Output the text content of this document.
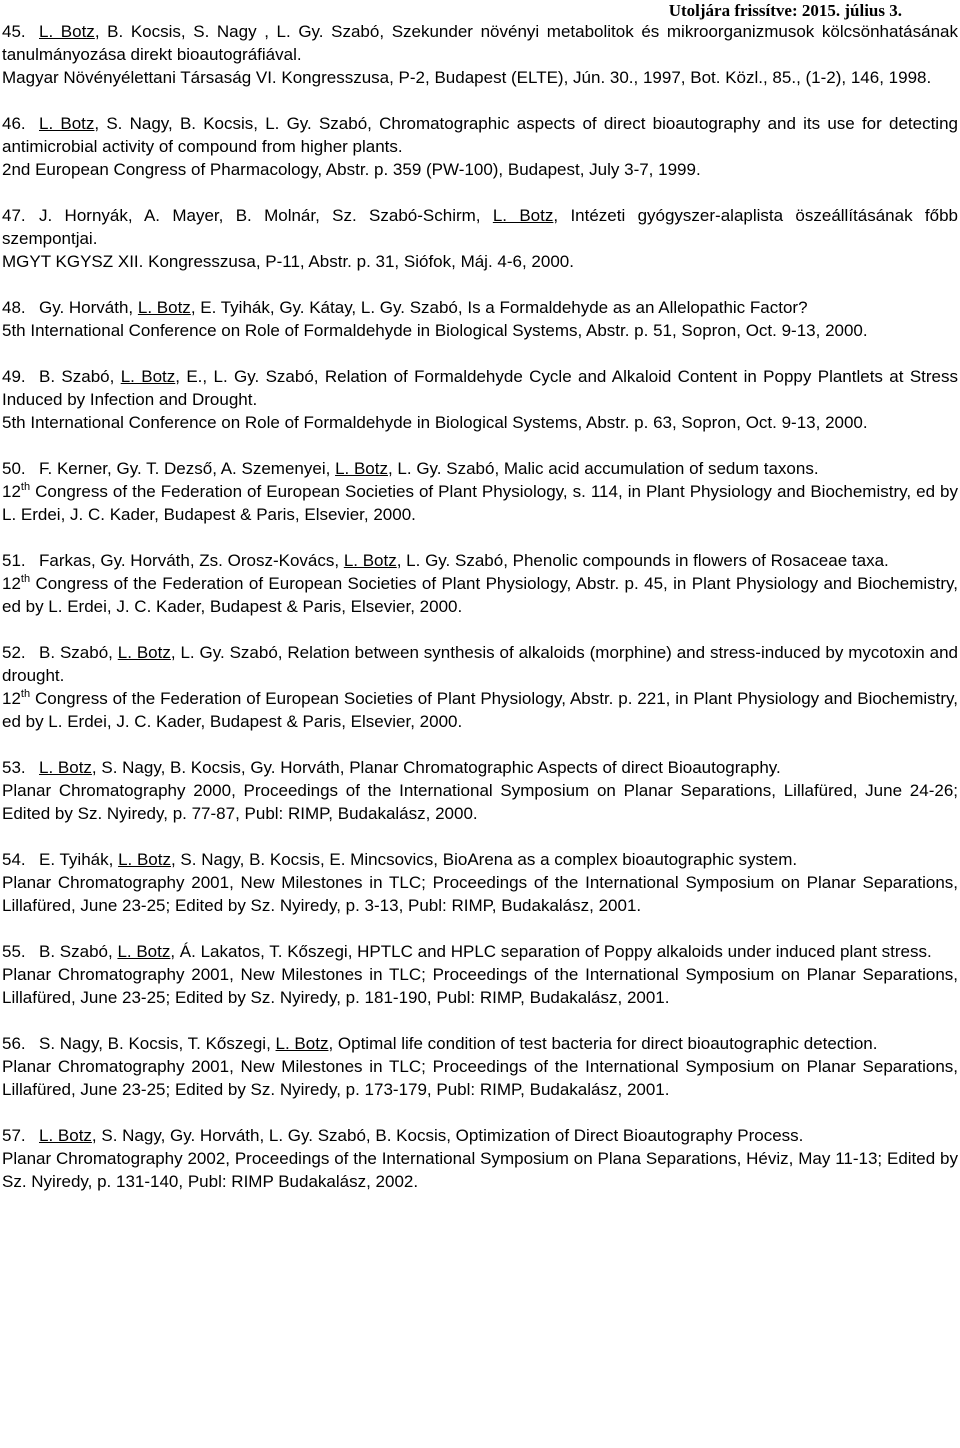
Utoljára frissítve: 2015. július 3.

45. L. Botz, B. Kocsis, S. Nagy , L. Gy. Szabó, Szekunder növényi metabolitok és mikroorganizmusok kölcsönhatásának tanulmányozása direkt bioautográfiával.

Magyar Növényélettani Társaság VI. Kongresszusa, P-2, Budapest (ELTE), Jún. 30., 1997, Bot. Közl., 85., (1-2), 146, 1998.

46. L. Botz, S. Nagy, B. Kocsis, L. Gy. Szabó, Chromatographic aspects of direct bioautography and its use for detecting antimicrobial activity of compound from higher plants.

2nd European Congress of Pharmacology, Abstr. p. 359 (PW-100), Budapest, July 3-7, 1999.

47. J. Hornyák, A. Mayer, B. Molnár, Sz. Szabó-Schirm, L. Botz, Intézeti gyógyszer-alaplista öszeállításának főbb szempontjai.

MGYT KGYSZ XII. Kongresszusa, P-11, Abstr. p. 31, Siófok, Máj. 4-6, 2000.

48. Gy. Horváth, L. Botz, E. Tyihák, Gy. Kátay, L. Gy. Szabó, Is a Formaldehyde as an Allelopathic Factor?

5th International Conference on Role of Formaldehyde in Biological Systems, Abstr. p. 51, Sopron, Oct. 9-13, 2000.

49. B. Szabó, L. Botz, E., L. Gy. Szabó, Relation of Formaldehyde Cycle and Alkaloid Content in Poppy Plantlets at Stress Induced by Infection and Drought.

5th International Conference on Role of Formaldehyde in Biological Systems, Abstr. p. 63, Sopron, Oct. 9-13, 2000.

50. F. Kerner, Gy. T. Dezső, A. Szemenyei, L. Botz, L. Gy. Szabó, Malic acid accumulation of sedum taxons.

12th Congress of the Federation of European Societies of Plant Physiology, s. 114, in Plant Physiology and Biochemistry, ed by L. Erdei, J. C. Kader, Budapest & Paris, Elsevier, 2000.

51. Farkas, Gy. Horváth, Zs. Orosz-Kovács, L. Botz, L. Gy. Szabó, Phenolic compounds in flowers of Rosaceae taxa.

12th Congress of the Federation of European Societies of Plant Physiology, Abstr. p. 45, in Plant Physiology and Biochemistry, ed by L. Erdei, J. C. Kader, Budapest & Paris, Elsevier, 2000.

52. B. Szabó, L. Botz, L. Gy. Szabó, Relation between synthesis of alkaloids (morphine) and stress-induced by mycotoxin and drought.

12th Congress of the Federation of European Societies of Plant Physiology, Abstr. p. 221, in Plant Physiology and Biochemistry, ed by L. Erdei, J. C. Kader, Budapest & Paris, Elsevier, 2000.

53. L. Botz, S. Nagy, B. Kocsis, Gy. Horváth, Planar Chromatographic Aspects of direct Bioautography.

Planar Chromatography 2000, Proceedings of the International Symposium on Planar Separations, Lillafüred, June 24-26; Edited by Sz. Nyiredy, p. 77-87, Publ: RIMP, Budakalász, 2000.

54. E. Tyihák, L. Botz, S. Nagy, B. Kocsis, E. Mincsovics, BioArena as a complex bioautographic system.

Planar Chromatography 2001, New Milestones in TLC; Proceedings of the International Symposium on Planar Separations, Lillafüred, June 23-25; Edited by Sz. Nyiredy, p. 3-13, Publ: RIMP, Budakalász, 2001.

55. B. Szabó, L. Botz, Á. Lakatos, T. Kőszegi, HPTLC and HPLC separation of Poppy alkaloids under induced plant stress.

Planar Chromatography 2001, New Milestones in TLC; Proceedings of the International Symposium on Planar Separations, Lillafüred, June 23-25; Edited by Sz. Nyiredy, p. 181-190, Publ: RIMP, Budakalász, 2001.

56. S. Nagy, B. Kocsis, T. Kőszegi, L. Botz, Optimal life condition of test bacteria for direct bioautographic detection.

Planar Chromatography 2001, New Milestones in TLC; Proceedings of the International Symposium on Planar Separations, Lillafüred, June 23-25; Edited by Sz. Nyiredy, p. 173-179, Publ: RIMP, Budakalász, 2001.

57. L. Botz, S. Nagy, Gy. Horváth, L. Gy. Szabó, B. Kocsis, Optimization of Direct Bioautography Process.

Planar Chromatography 2002, Proceedings of the International Symposium on Plana Separations, Héviz, May 11-13; Edited by Sz. Nyiredy, p. 131-140, Publ: RIMP Budakalász, 2002.
